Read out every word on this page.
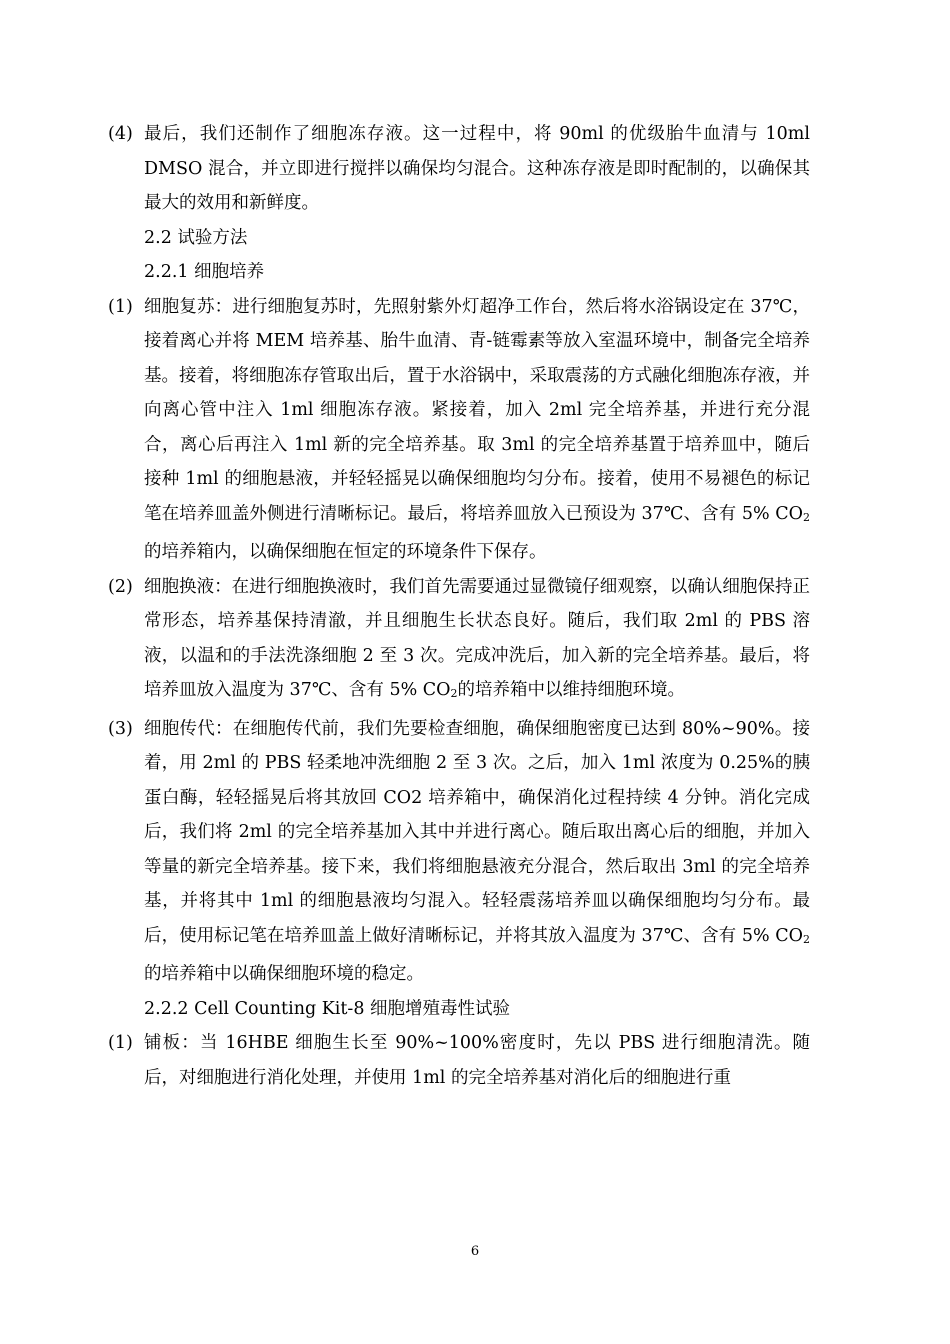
(4) 最后，我们还制作了细胞冻存液。这一过程中，将 90ml 的优级胎牛血清与 10ml DMSO 混合，并立即进行搅拌以确保均匀混合。这种冻存液是即时配制的，以确保其最大的效用和新鲜度。
2.2 试验方法
2.2.1 细胞培养
(1) 细胞复苏：进行细胞复苏时，先照射紫外灯超净工作台，然后将水浴锅设定在 37℃，接着离心并将 MEM 培养基、胎牛血清、青-链霉素等放入室温环境中，制备完全培养基。接着，将细胞冻存管取出后，置于水浴锅中，采取震荡的方式融化细胞冻存液，并向离心管中注入 1ml 细胞冻存液。紧接着，加入 2ml 完全培养基，并进行充分混合，离心后再注入 1ml 新的完全培养基。取 3ml 的完全培养基置于培养皿中，随后接种 1ml 的细胞悬液，并轻轻摇晃以确保细胞均匀分布。接着，使用不易褪色的标记笔在培养皿盖外侧进行清晰标记。最后，将培养皿放入已预设为 37℃、含有 5% $CO_2$的培养箱内，以确保细胞在恒定的环境条件下保存。
(2) 细胞换液：在进行细胞换液时，我们首先需要通过显微镜仔细观察，以确认细胞保持正常形态，培养基保持清澈，并且细胞生长状态良好。随后，我们取 2ml 的 PBS 溶液，以温和的手法洗涤细胞 2 至 3 次。完成冲洗后，加入新的完全培养基。最后，将培养皿放入温度为 37℃、含有 5% $CO_2$的培养箱中以维持细胞环境。
(3) 细胞传代：在细胞传代前，我们先要检查细胞，确保细胞密度已达到 80%~90%。接着，用 2ml 的 PBS 轻柔地冲洗细胞 2 至 3 次。之后，加入 1ml 浓度为 0.25%的胰蛋白酶，轻轻摇晃后将其放回 CO2 培养箱中，确保消化过程持续 4 分钟。消化完成后，我们将 2ml 的完全培养基加入其中并进行离心。随后取出离心后的细胞，并加入等量的新完全培养基。接下来，我们将细胞悬液充分混合，然后取出 3ml 的完全培养基，并将其中 1ml 的细胞悬液均匀混入。轻轻震荡培养皿以确保细胞均匀分布。最后，使用标记笔在培养皿盖上做好清晰标记，并将其放入温度为 37℃、含有 5% $CO_2$的培养箱中以确保细胞环境的稳定。
2.2.2 Cell Counting Kit-8 细胞增殖毒性试验
(1) 铺板：当 16HBE 细胞生长至 90%~100%密度时，先以 PBS 进行细胞清洗。随后，对细胞进行消化处理，并使用 1ml 的完全培养基对消化后的细胞进行重
6
